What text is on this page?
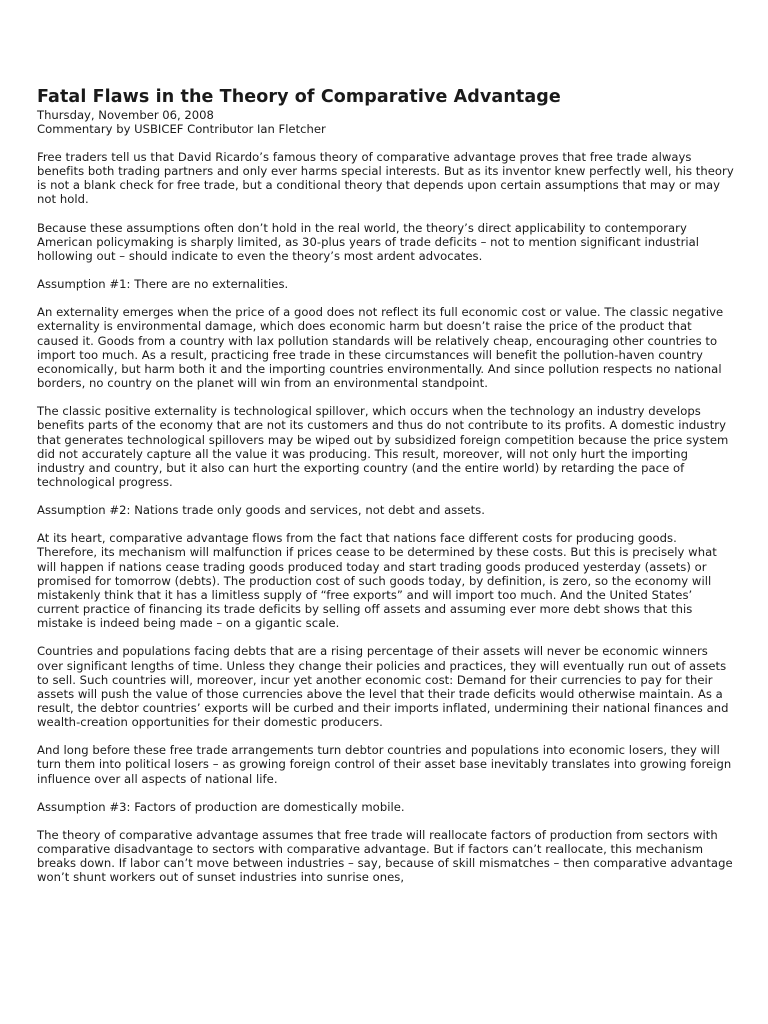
Fatal Flaws in the Theory of Comparative Advantage

Thursday, November 06, 2008

Commentary by USBICEF Contributor Ian Fletcher

Free traders tell us that David Ricardo’s famous theory of comparative advantage proves that free trade always benefits both trading partners and only ever harms special interests. But as its inventor knew perfectly well, his theory is not a blank check for free trade, but a conditional theory that depends upon certain assumptions that may or may not hold.

Because these assumptions often don’t hold in the real world, the theory’s direct applicability to contemporary American policymaking is sharply limited, as 30-plus years of trade deficits – not to mention significant industrial hollowing out – should indicate to even the theory’s most ardent advocates.

Assumption #1: There are no externalities.

An externality emerges when the price of a good does not reflect its full economic cost or value. The classic negative externality is environmental damage, which does economic harm but doesn’t raise the price of the product that caused it. Goods from a country with lax pollution standards will be relatively cheap, encouraging other countries to import too much. As a result, practicing free trade in these circumstances will benefit the pollution-haven country economically, but harm both it and the importing countries environmentally. And since pollution respects no national borders, no country on the planet will win from an environmental standpoint.

The classic positive externality is technological spillover, which occurs when the technology an industry develops benefits parts of the economy that are not its customers and thus do not contribute to its profits. A domestic industry that generates technological spillovers may be wiped out by subsidized foreign competition because the price system did not accurately capture all the value it was producing. This result, moreover, will not only hurt the importing industry and country, but it also can hurt the exporting country (and the entire world) by retarding the pace of technological progress.

Assumption #2: Nations trade only goods and services, not debt and assets.

At its heart, comparative advantage flows from the fact that nations face different costs for producing goods. Therefore, its mechanism will malfunction if prices cease to be determined by these costs. But this is precisely what will happen if nations cease trading goods produced today and start trading goods produced yesterday (assets) or promised for tomorrow (debts). The production cost of such goods today, by definition, is zero, so the economy will mistakenly think that it has a limitless supply of “free exports” and will import too much. And the United States’ current practice of financing its trade deficits by selling off assets and assuming ever more debt shows that this mistake is indeed being made – on a gigantic scale.

Countries and populations facing debts that are a rising percentage of their assets will never be economic winners over significant lengths of time. Unless they change their policies and practices, they will eventually run out of assets to sell. Such countries will, moreover, incur yet another economic cost: Demand for their currencies to pay for their assets will push the value of those currencies above the level that their trade deficits would otherwise maintain. As a result, the debtor countries’ exports will be curbed and their imports inflated, undermining their national finances and wealth-creation opportunities for their domestic producers.

And long before these free trade arrangements turn debtor countries and populations into economic losers, they will turn them into political losers – as growing foreign control of their asset base inevitably translates into growing foreign influence over all aspects of national life.

Assumption #3: Factors of production are domestically mobile.

The theory of comparative advantage assumes that free trade will reallocate factors of production from sectors with comparative disadvantage to sectors with comparative advantage. But if factors can’t reallocate, this mechanism breaks down. If labor can’t move between industries – say, because of skill mismatches – then comparative advantage won’t shunt workers out of sunset industries into sunrise ones,
